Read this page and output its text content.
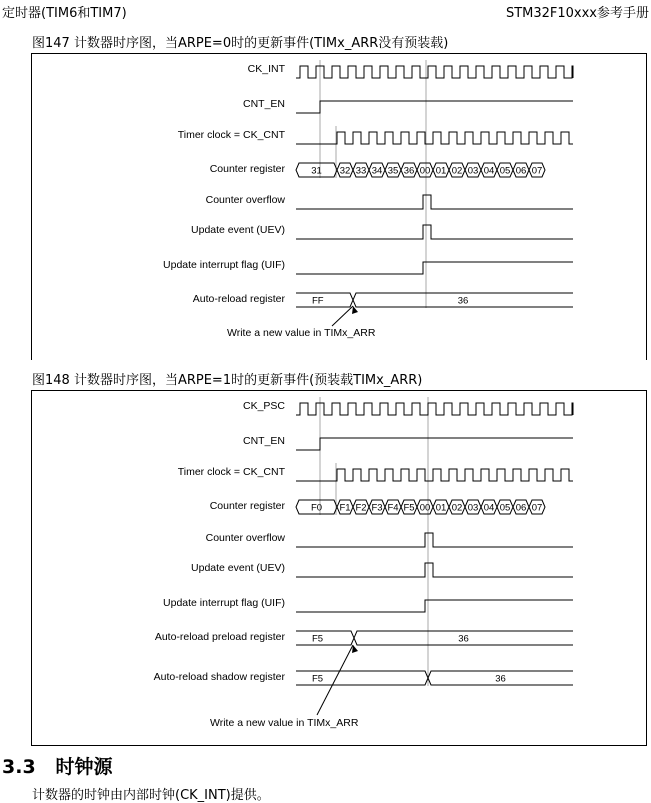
定时器(TIM6和TIM7)	STM32F10xxx参考手册
图147 计数器时序图，当ARPE=0时的更新事件(TIMx_ARR没有预装载)
CK_INT
CNT_EN
Timer clock = CK_CNT
Counter register	31 32 33 34 35 36 00 01 02 03 04 05 06 07
Counter overflow
Update event (UEV)
Update interrupt flag (UIF)
Auto-reload register	FF	36
Write a new value in TIMx_ARR
图148 计数器时序图，当ARPE=1时的更新事件(预装载TIMx_ARR)
CK_PSC
CNT_EN
Timer clock = CK_CNT
Counter register	F0 F1 F2 F3 F4 F5 00 01 02 03 04 05 06 07
Counter overflow
Update event (UEV)
Update interrupt flag (UIF)
Auto-reload preload register	F5	36
Auto-reload shadow register	F5	36
Write a new value in TIMx_ARR
3.3 时钟源
计数器的时钟由内部时钟(CK_INT)提供。
